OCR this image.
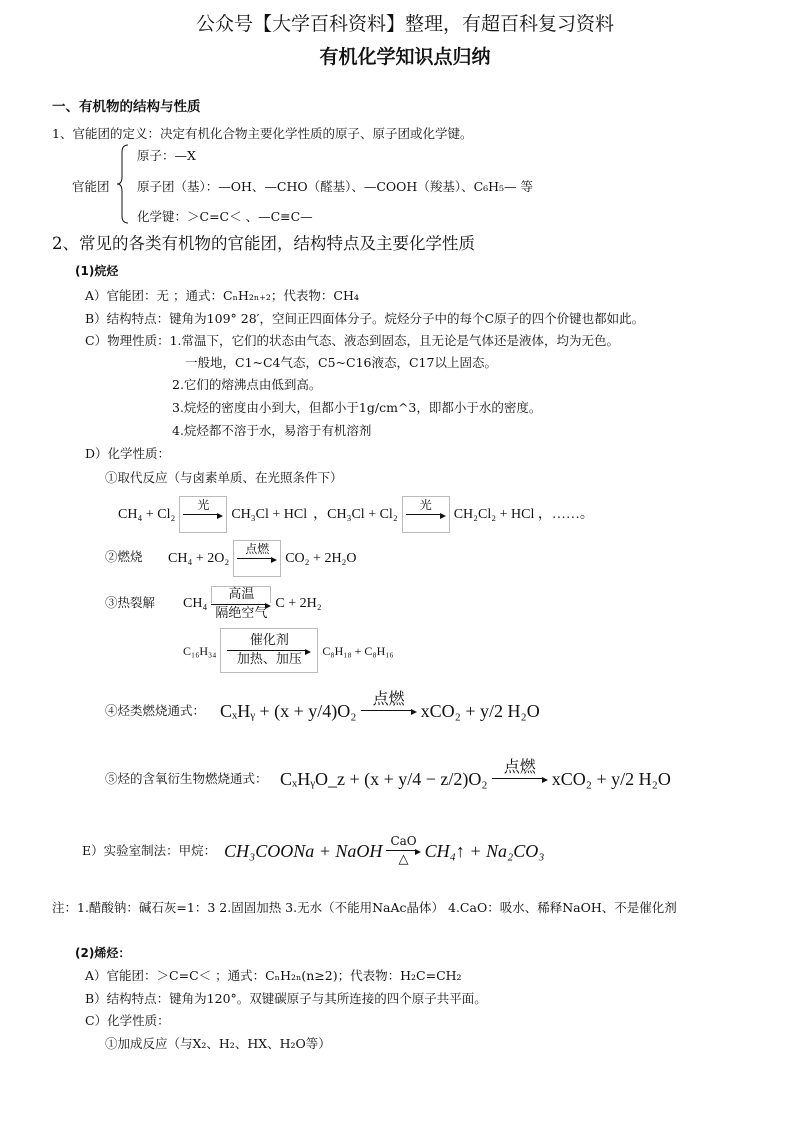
公众号【大学百科资料】整理，有超百科复习资料
有机化学知识点归纳
一、有机物的结构与性质
1、官能团的定义：决定有机化合物主要化学性质的原子、原子团或化学键。
原子：—X
官能团 原子团（基）：—OH、—CHO（醛基）、—COOH（羧基）、C₆H₅— 等
化学键：＞C=C＜ 、—C≡C—
2、常见的各类有机物的官能团，结构特点及主要化学性质
(1)烷烃
A）官能团：无 ；通式：CₙH₂ₙ₊₂；代表物：CH₄
B）结构特点：键角为109° 28′，空间正四面体分子。烷烃分子中的每个C原子的四个价键也都如此。
C）物理性质：1.常温下，它们的状态由气态、液态到固态，且无论是气体还是液体，均为无色。
一般地，C1~C4气态，C5~C16液态，C17以上固态。
2.它们的熔沸点由低到高。
3.烷烃的密度由小到大，但都小于1g/cm^3，即都小于水的密度。
4.烷烃都不溶于水，易溶于有机溶剂
D）化学性质：
①取代反应（与卤素单质、在光照条件下）
CH₄ + Cl₂
光
CH₃Cl + HCl ，CH₃Cl + Cl₂
光
CH₂Cl₂ + HCl ，……。
②燃烧 CH₄ + 2O₂
点燃
CO₂ + 2H₂O
③热裂解 CH₄
高温
隔绝空气
C + 2H₂
C₁₆H₃₄
催化剂
加热、加压
C₈H₁₈ + C₈H₁₆
④烃类燃烧通式： CₓHᵧ + (x + y/4)O₂
点燃
xCO₂ + y/2 H₂O
⑤烃的含氧衍生物燃烧通式： CₓHᵧO_z + (x + y/4 − z/2)O₂
点燃
xCO₂ + y/2 H₂O
E）实验室制法：甲烷： CH₃COONa + NaOH CaO
△ CH₄↑ + Na₂CO₃
注：1.醋酸钠：碱石灰=1：3 2.固固加热 3.无水（不能用NaAc晶体） 4.CaO：吸水、稀释NaOH、不是催化剂
(2)烯烃：
A）官能团：＞C=C＜ ；通式：CₙH₂ₙ(n≥2)；代表物：H₂C=CH₂
B）结构特点：键角为120°。双键碳原子与其所连接的四个原子共平面。
C）化学性质：
①加成反应（与X₂、H₂、HX、H₂O等）
